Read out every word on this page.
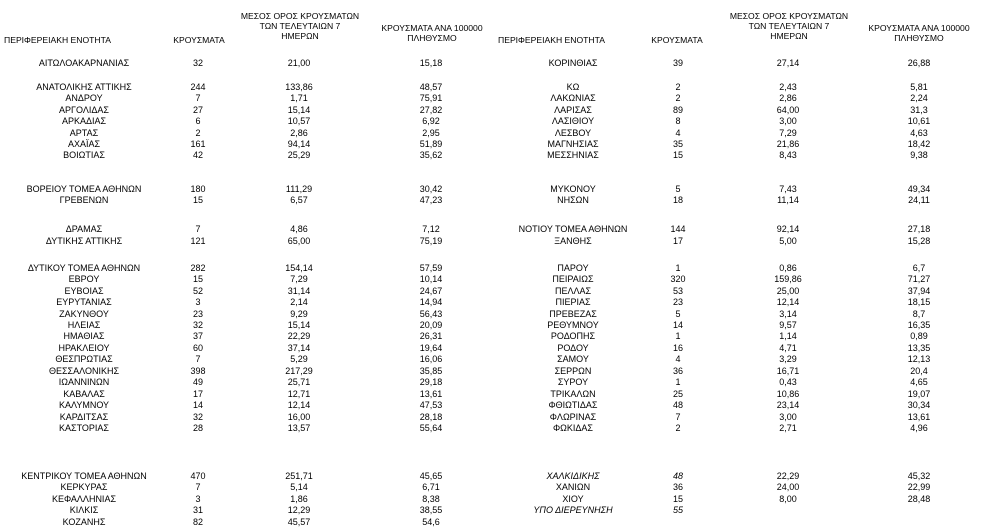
ΠΕΡΙΦΕΡΕΙΑΚΗ ΕΝΟΤΗΤΑ	ΚΡΟΥΣΜΑΤΑ
ΜΕΣΟΣ ΟΡΟΣ ΚΡΟΥΣΜΑΤΩΝ
ΤΩΝ ΤΕΛΕΥΤΑΙΩΝ 7
ΗΜΕΡΩΝ
ΚΡΟΥΣΜΑΤΑ ΑΝΑ 100000
ΠΛΗΘΥΣΜΟ	ΠΕΡΙΦΕΡΕΙΑΚΗ ΕΝΟΤΗΤΑ	ΚΡΟΥΣΜΑΤΑ
ΜΕΣΟΣ ΟΡΟΣ ΚΡΟΥΣΜΑΤΩΝ
ΤΩΝ ΤΕΛΕΥΤΑΙΩΝ 7
ΗΜΕΡΩΝ
ΚΡΟΥΣΜΑΤΑ ΑΝΑ 100000
ΠΛΗΘΥΣΜΟ
ΑΙΤΩΛΟΑΚΑΡΝΑΝΙΑΣ	32	21,00	15,18
ΑΝΑΤΟΛΙΚΗΣ ΑΤΤΙΚΗΣ	244	133,86	48,57
ΑΝΔΡΟΥ	7	1,71	75,91
ΑΡΓΟΛΙΔΑΣ	27	15,14	27,82
ΑΡΚΑΔΙΑΣ	6	10,57	6,92
ΑΡΤΑΣ	2	2,86	2,95
ΑΧΑΪΑΣ	161	94,14	51,89
ΒΟΙΩΤΙΑΣ	42	25,29	35,62
ΒΟΡΕΙΟΥ ΤΟΜΕΑ ΑΘΗΝΩΝ	180	111,29	30,42
ΓΡΕΒΕΝΩΝ	15	6,57	47,23
ΔΡΑΜΑΣ	7	4,86	7,12
ΔΥΤΙΚΗΣ ΑΤΤΙΚΗΣ	121	65,00	75,19
ΔΥΤΙΚΟΥ ΤΟΜΕΑ ΑΘΗΝΩΝ	282	154,14	57,59
ΕΒΡΟΥ	15	7,29	10,14
ΕΥΒΟΙΑΣ	52	31,14	24,67
ΕΥΡΥΤΑΝΙΑΣ	3	2,14	14,94
ΖΑΚΥΝΘΟΥ	23	9,29	56,43
ΗΛΕΙΑΣ	32	15,14	20,09
ΗΜΑΘΙΑΣ	37	22,29	26,31
ΗΡΑΚΛΕΙΟΥ	60	37,14	19,64
ΘΕΣΠΡΩΤΙΑΣ	7	5,29	16,06
ΘΕΣΣΑΛΟΝΙΚΗΣ	398	217,29	35,85
ΙΩΑΝΝΙΝΩΝ	49	25,71	29,18
ΚΑΒΑΛΑΣ	17	12,71	13,61
ΚΑΛΥΜΝΟΥ	14	12,14	47,53
ΚΑΡΔΙΤΣΑΣ	32	16,00	28,18
ΚΑΣΤΟΡΙΑΣ	28	13,57	55,64
ΚΕΝΤΡΙΚΟΥ ΤΟΜΕΑ ΑΘΗΝΩΝ	470	251,71	45,65
ΚΕΡΚΥΡΑΣ	7	5,14	6,71
ΚΕΦΑΛΛΗΝΙΑΣ	3	1,86	8,38
ΚΙΛΚΙΣ	31	12,29	38,55
ΚΟΖΑΝΗΣ	82	45,57	54,6
ΚΟΡΙΝΘΙΑΣ	39	27,14	26,88
ΚΩ	2	2,43	5,81
ΛΑΚΩΝΙΑΣ	2	2,86	2,24
ΛΑΡΙΣΑΣ	89	64,00	31,3
ΛΑΣΙΘΙΟΥ	8	3,00	10,61
ΛΕΣΒΟΥ	4	7,29	4,63
ΜΑΓΝΗΣΙΑΣ	35	21,86	18,42
ΜΕΣΣΗΝΙΑΣ	15	8,43	9,38
ΜΥΚΟΝΟΥ	5	7,43	49,34
ΝΗΣΩΝ	18	11,14	24,11
ΝΟΤΙΟΥ ΤΟΜΕΑ ΑΘΗΝΩΝ	144	92,14	27,18
ΞΑΝΘΗΣ	17	5,00	15,28
ΠΑΡΟΥ	1	0,86	6,7
ΠΕΙΡΑΙΩΣ	320	159,86	71,27
ΠΕΛΛΑΣ	53	25,00	37,94
ΠΙΕΡΙΑΣ	23	12,14	18,15
ΠΡΕΒΕΖΑΣ	5	3,14	8,7
ΡΕΘΥΜΝΟΥ	14	9,57	16,35
ΡΟΔΟΠΗΣ	1	1,14	0,89
ΡΟΔΟΥ	16	4,71	13,35
ΣΑΜΟΥ	4	3,29	12,13
ΣΕΡΡΩΝ	36	16,71	20,4
ΣΥΡΟΥ	1	0,43	4,65
ΤΡΙΚΑΛΩΝ	25	10,86	19,07
ΦΘΙΩΤΙΔΑΣ	48	23,14	30,34
ΦΛΩΡΙΝΑΣ	7	3,00	13,61
ΦΩΚΙΔΑΣ	2	2,71	4,96
ΧΑΛΚΙΔΙΚΗΣ	48	22,29	45,32
ΧΑΝΙΩΝ	36	24,00	22,99
ΧΙΟΥ	15	8,00	28,48
ΥΠΟ ΔΙΕΡΕΥΝΗΣΗ	55
